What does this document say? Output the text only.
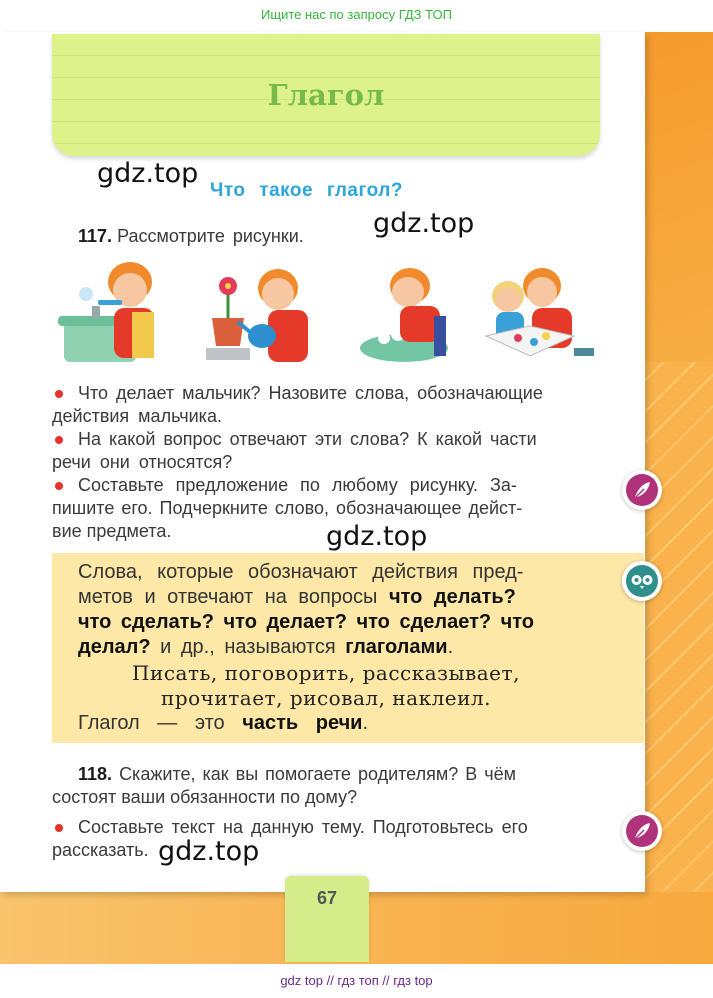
Ищите нас по запросу ГДЗ ТОП
Глагол
gdz.top
Что такое глагол?
117. Рассмотрите рисунки.	gdz.top
Что делает мальчик? Назовите слова, обозначающие
действия мальчика.
На какой вопрос отвечают эти слова? К какой части
речи они относятся?
Составьте предложение по любому рисунку. За-
пишите его. Подчеркните слово, обозначающее дейст-
вие предмета.	gdz.top
Слова, которые обозначают действия пред-
метов и отвечают на вопросы что делать?
что сделать? что делает? что сделает? что
делал? и др., называются глаголами.
Писать, поговорить, рассказывает,
прочитает, рисовал, наклеил.
Глагол — это часть речи.
118. Скажите, как вы помогаете родителям? В чём
состоят ваши обязанности по дому?
Составьте текст на данную тему. Подготовьтесь его
рассказать. gdz.top
67
gdz top // гдз топ // гдз top
